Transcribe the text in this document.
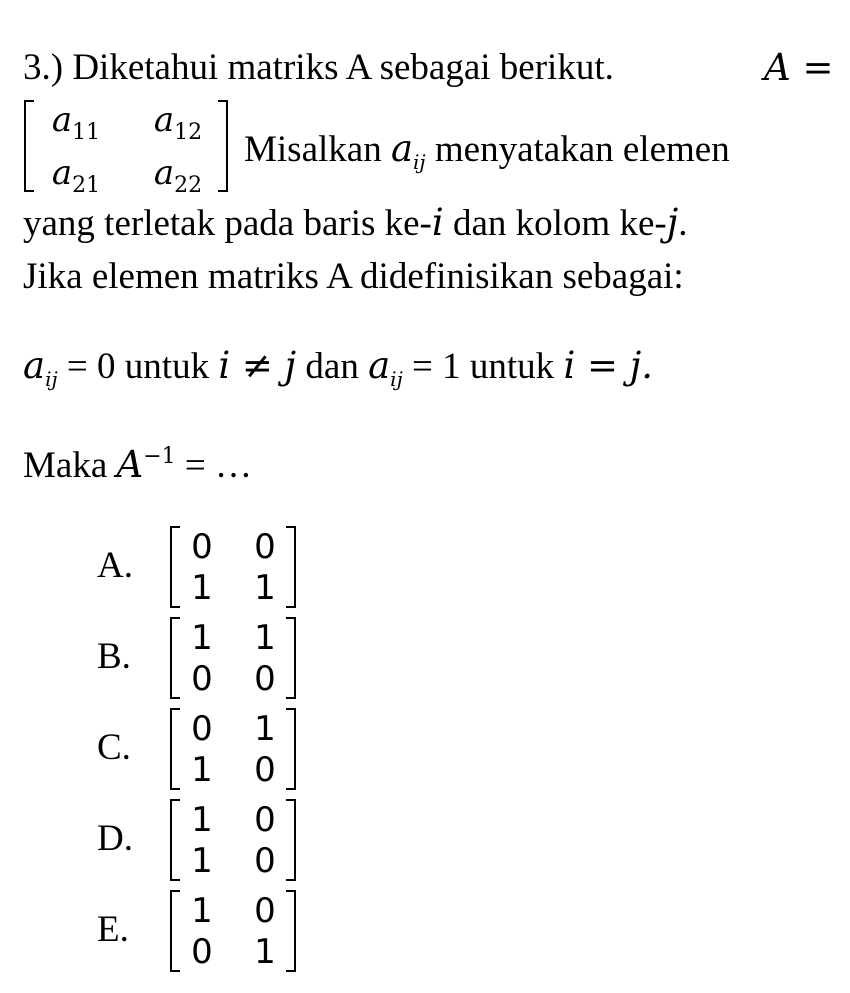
3.) Diketahui matriks A sebagai berikut.	A =
$a_{11}$	$a_{12}$
$a_{21}$	$a_{22}$
Misalkan $a_{ij}$ menyatakan elemen
yang terletak pada baris ke-i dan kolom ke-j.
Jika elemen matriks A didefinisikan sebagai:
$a_{ij} = 0$ untuk i ≠ j dan $a_{ij} = 1$ untuk i = j.
Maka $A^{-1}$ = …
A.	0	0
1	1
B.	1	1
0	0
C.	0	1
1	0
D.	1	0
1	0
E.	1	0
0	1
